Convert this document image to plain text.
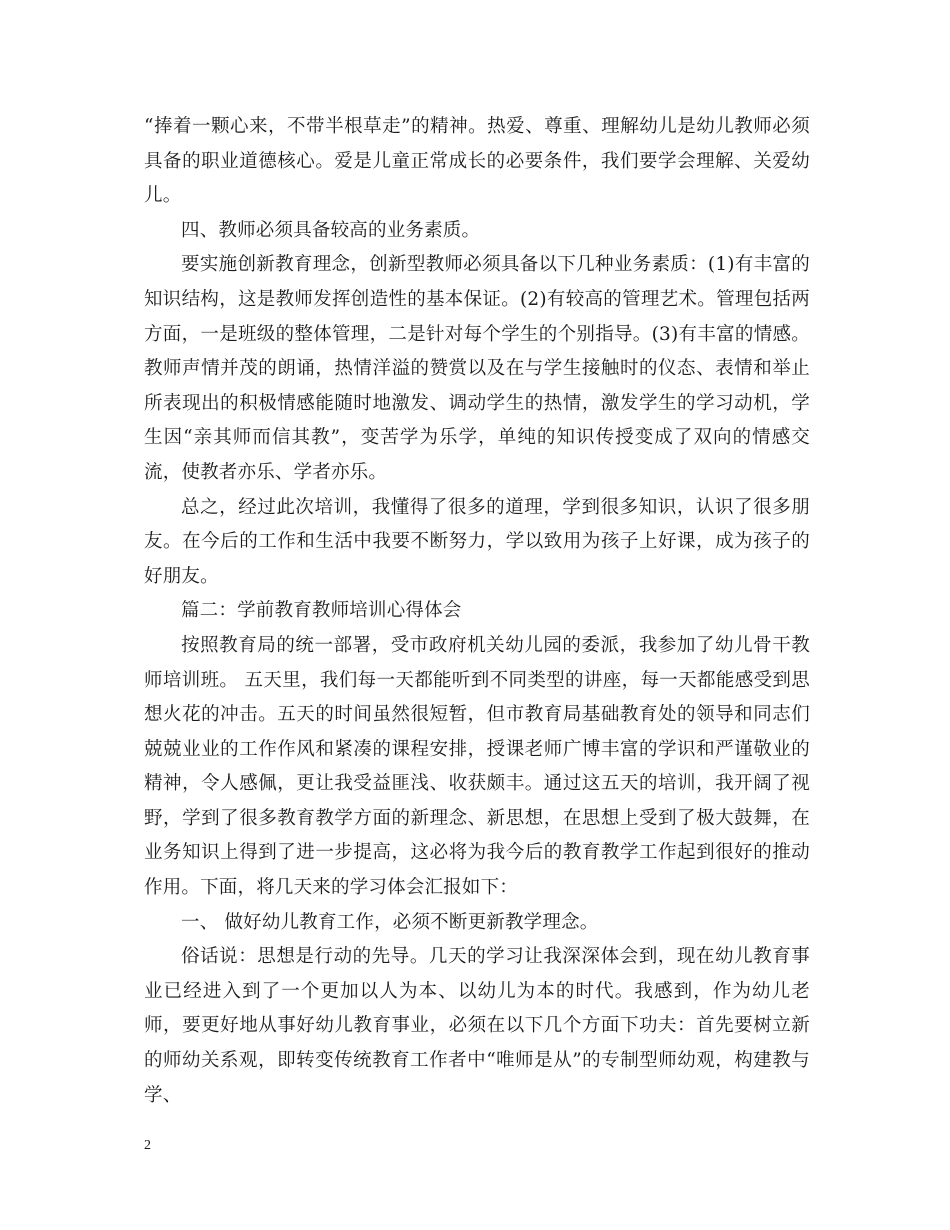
“捧着一颗心来，不带半根草走”的精神。热爱、尊重、理解幼儿是幼儿教师必须具备的职业道德核心。爱是儿童正常成长的必要条件，我们要学会理解、关爱幼儿。

四、教师必须具备较高的业务素质。

要实施创新教育理念，创新型教师必须具备以下几种业务素质：(1)有丰富的知识结构，这是教师发挥创造性的基本保证。(2)有较高的管理艺术。管理包括两方面，一是班级的整体管理，二是针对每个学生的个别指导。(3)有丰富的情感。教师声情并茂的朗诵，热情洋溢的赞赏以及在与学生接触时的仪态、表情和举止所表现出的积极情感能随时地激发、调动学生的热情，激发学生的学习动机，学生因“亲其师而信其教”，变苦学为乐学，单纯的知识传授变成了双向的情感交流，使教者亦乐、学者亦乐。

总之，经过此次培训，我懂得了很多的道理，学到很多知识，认识了很多朋友。在今后的工作和生活中我要不断努力，学以致用为孩子上好课，成为孩子的好朋友。

篇二：学前教育教师培训心得体会

按照教育局的统一部署，受市政府机关幼儿园的委派，我参加了幼儿骨干教师培训班。 五天里，我们每一天都能听到不同类型的讲座，每一天都能感受到思想火花的冲击。五天的时间虽然很短暂，但市教育局基础教育处的领导和同志们兢兢业业的工作作风和紧凑的课程安排，授课老师广博丰富的学识和严谨敬业的精神，令人感佩，更让我受益匪浅、收获颇丰。通过这五天的培训，我开阔了视野，学到了很多教育教学方面的新理念、新思想，在思想上受到了极大鼓舞，在业务知识上得到了进一步提高，这必将为我今后的教育教学工作起到很好的推动作用。下面，将几天来的学习体会汇报如下：

一、 做好幼儿教育工作，必须不断更新教学理念。

俗话说：思想是行动的先导。几天的学习让我深深体会到，现在幼儿教育事业已经进入到了一个更加以人为本、以幼儿为本的时代。我感到，作为幼儿老师，要更好地从事好幼儿教育事业，必须在以下几个方面下功夫：首先要树立新的师幼关系观，即转变传统教育工作者中“唯师是从”的专制型师幼观，构建教与学、

2
